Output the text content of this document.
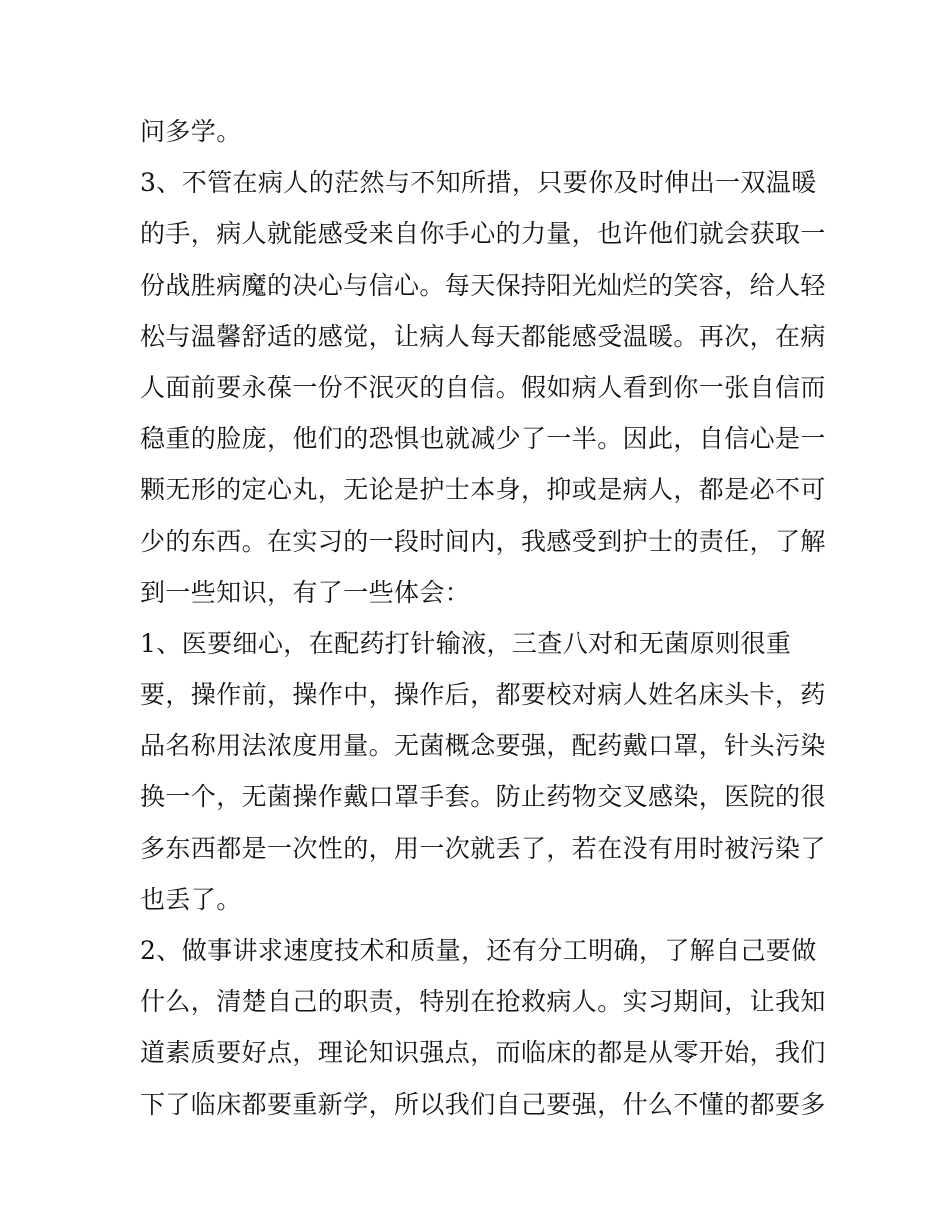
问多学。
3、不管在病人的茫然与不知所措，只要你及时伸出一双温暖
的手，病人就能感受来自你手心的力量，也许他们就会获取一
份战胜病魔的决心与信心。每天保持阳光灿烂的笑容，给人轻
松与温馨舒适的感觉，让病人每天都能感受温暖。再次，在病
人面前要永葆一份不泯灭的自信。假如病人看到你一张自信而
稳重的脸庞，他们的恐惧也就减少了一半。因此，自信心是一
颗无形的定心丸，无论是护士本身，抑或是病人，都是必不可
少的东西。在实习的一段时间内，我感受到护士的责任，了解
到一些知识，有了一些体会：
1、医要细心，在配药打针输液，三查八对和无菌原则很重
要，操作前，操作中，操作后，都要校对病人姓名床头卡，药
品名称用法浓度用量。无菌概念要强，配药戴口罩，针头污染
换一个，无菌操作戴口罩手套。防止药物交叉感染，医院的很
多东西都是一次性的，用一次就丢了，若在没有用时被污染了
也丢了。
2、做事讲求速度技术和质量，还有分工明确，了解自己要做
什么，清楚自己的职责，特别在抢救病人。实习期间，让我知
道素质要好点，理论知识强点，而临床的都是从零开始，我们
下了临床都要重新学，所以我们自己要强，什么不懂的都要多
